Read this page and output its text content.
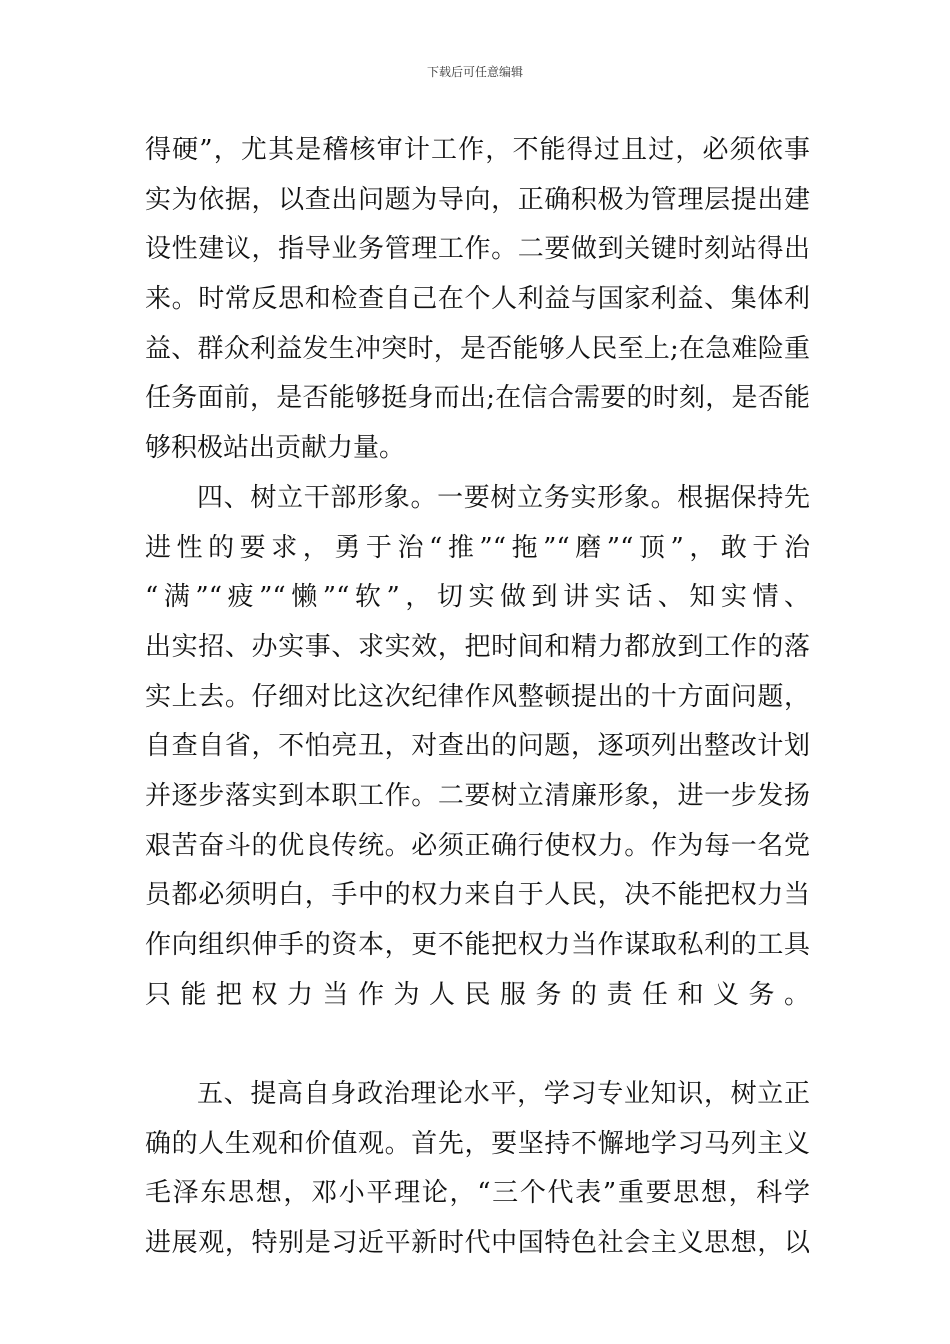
下载后可任意编辑
得硬”，尤其是稽核审计工作，不能得过且过，必须依事
实为依据，以查出问题为导向，正确积极为管理层提出建
设性建议，指导业务管理工作。二要做到关键时刻站得出
来。时常反思和检查自己在个人利益与国家利益、集体利
益、群众利益发生冲突时，是否能够人民至上;在急难险重
任务面前，是否能够挺身而出;在信合需要的时刻，是否能
够积极站出贡献力量。
四、树立干部形象。一要树立务实形象。根据保持先
进性的要求，勇于治“推”“拖”“磨”“顶”，敢于治
“满”“疲”“懒”“软”，切实做到讲实话、知实情、
出实招、办实事、求实效，把时间和精力都放到工作的落
实上去。仔细对比这次纪律作风整顿提出的十方面问题，
自查自省，不怕亮丑，对查出的问题，逐项列出整改计划
并逐步落实到本职工作。二要树立清廉形象，进一步发扬
艰苦奋斗的优良传统。必须正确行使权力。作为每一名党
员都必须明白，手中的权力来自于人民，决不能把权力当
作向组织伸手的资本，更不能把权力当作谋取私利的工具
只能把权力当作为人民服务的责任和义务。
五、提高自身政治理论水平，学习专业知识，树立正
确的人生观和价值观。首先，要坚持不懈地学习马列主义
毛泽东思想，邓小平理论，“三个代表”重要思想，科学
进展观，特别是习近平新时代中国特色社会主义思想，以
